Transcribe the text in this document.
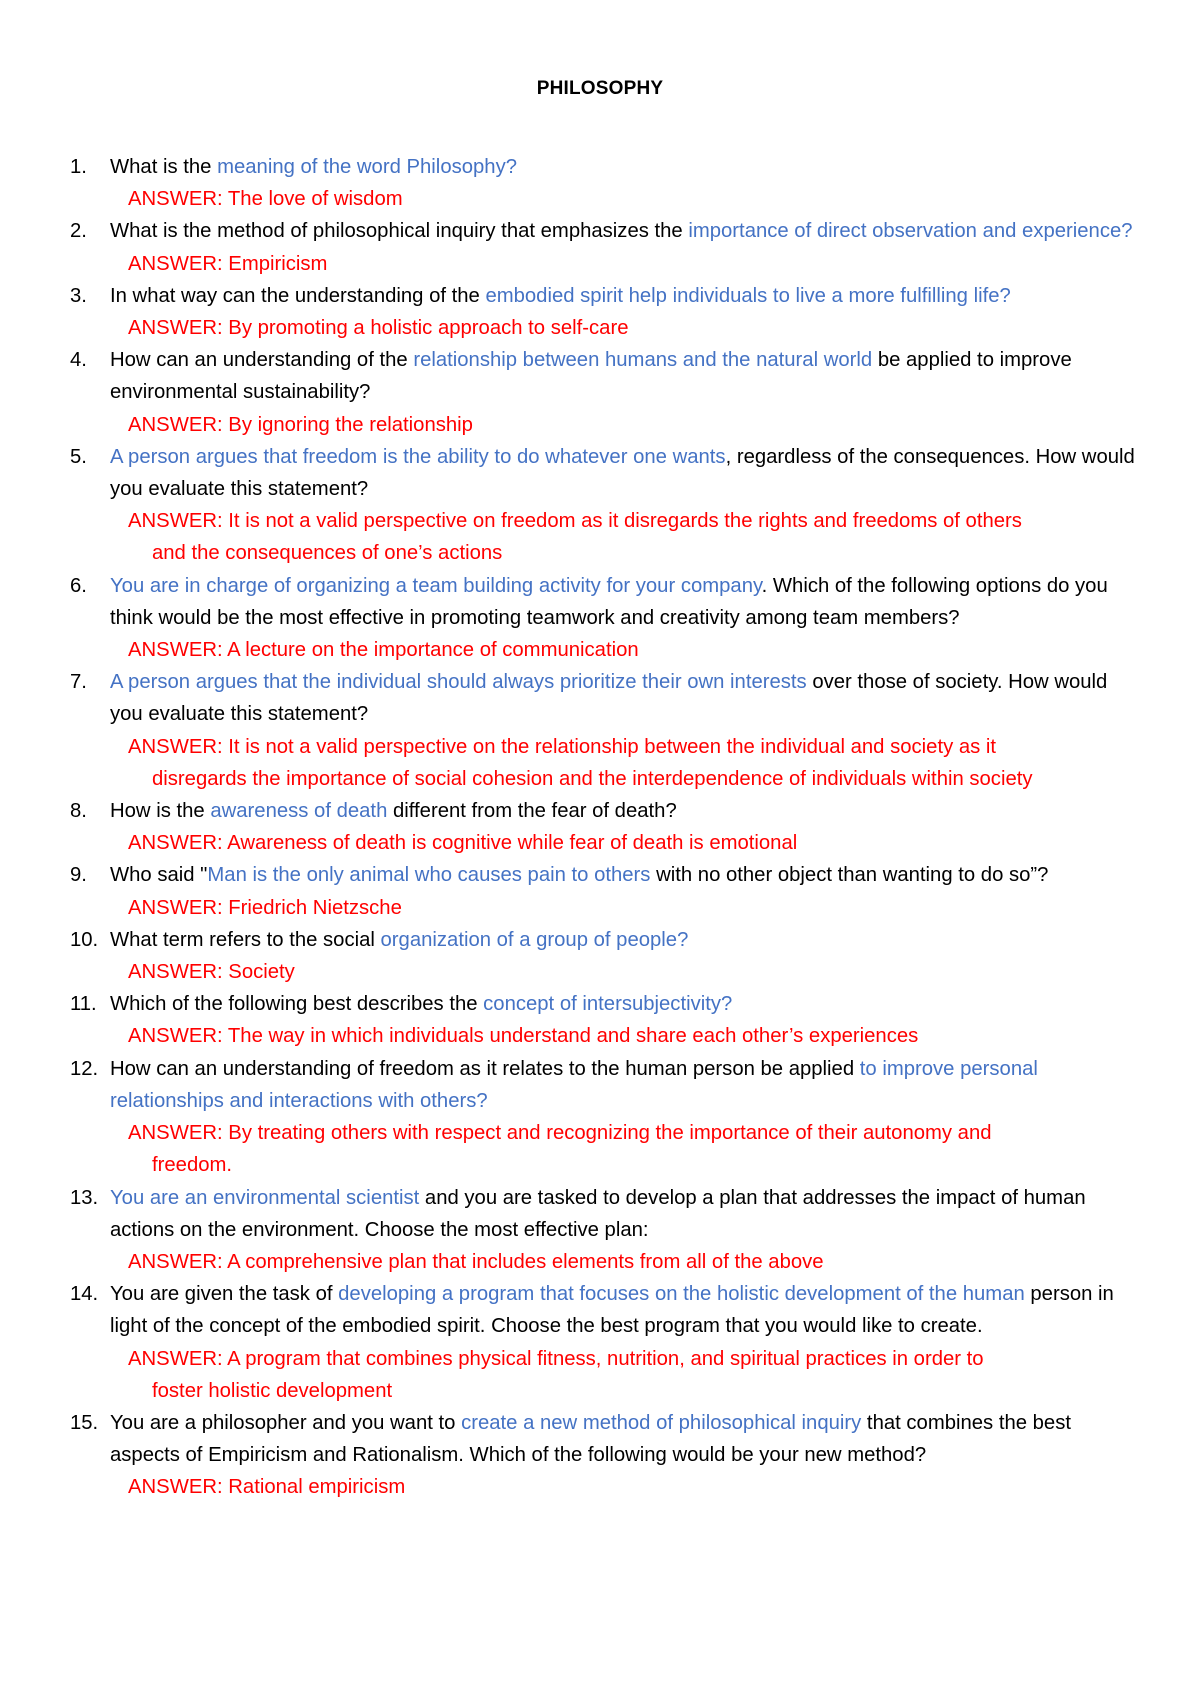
PHILOSOPHY
1.	What is the meaning of the word Philosophy?
ANSWER: The love of wisdom
2.	What is the method of philosophical inquiry that emphasizes the importance of direct observation and experience?
ANSWER: Empiricism
3.	In what way can the understanding of the embodied spirit help individuals to live a more fulfilling life?
ANSWER: By promoting a holistic approach to self-care
4.	How can an understanding of the relationship between humans and the natural world be applied to improve environmental sustainability?
ANSWER: By ignoring the relationship
5.	A person argues that freedom is the ability to do whatever one wants, regardless of the consequences. How would you evaluate this statement?
ANSWER: It is not a valid perspective on freedom as it disregards the rights and freedoms of others
and the consequences of one’s actions
6.	You are in charge of organizing a team building activity for your company. Which of the following options do you think would be the most effective in promoting teamwork and creativity among team members?
ANSWER: A lecture on the importance of communication
7.	A person argues that the individual should always prioritize their own interests over those of society. How would you evaluate this statement?
ANSWER: It is not a valid perspective on the relationship between the individual and society as it
disregards the importance of social cohesion and the interdependence of individuals within society
8.	How is the awareness of death different from the fear of death?
ANSWER: Awareness of death is cognitive while fear of death is emotional
9.	Who said "Man is the only animal who causes pain to others with no other object than wanting to do so”?
ANSWER: Friedrich Nietzsche
10. What term refers to the social organization of a group of people?
ANSWER: Society
11. Which of the following best describes the concept of intersubjectivity?
ANSWER: The way in which individuals understand and share each other’s experiences
12. How can an understanding of freedom as it relates to the human person be applied to improve personal relationships and interactions with others?
ANSWER: By treating others with respect and recognizing the importance of their autonomy and
freedom.
13. You are an environmental scientist and you are tasked to develop a plan that addresses the impact of human actions on the environment. Choose the most effective plan:
ANSWER: A comprehensive plan that includes elements from all of the above
14. You are given the task of developing a program that focuses on the holistic development of the human person in light of the concept of the embodied spirit. Choose the best program that you would like to create.
ANSWER: A program that combines physical fitness, nutrition, and spiritual practices in order to
foster holistic development
15. You are a philosopher and you want to create a new method of philosophical inquiry that combines the best aspects of Empiricism and Rationalism. Which of the following would be your new method?
ANSWER: Rational empiricism
